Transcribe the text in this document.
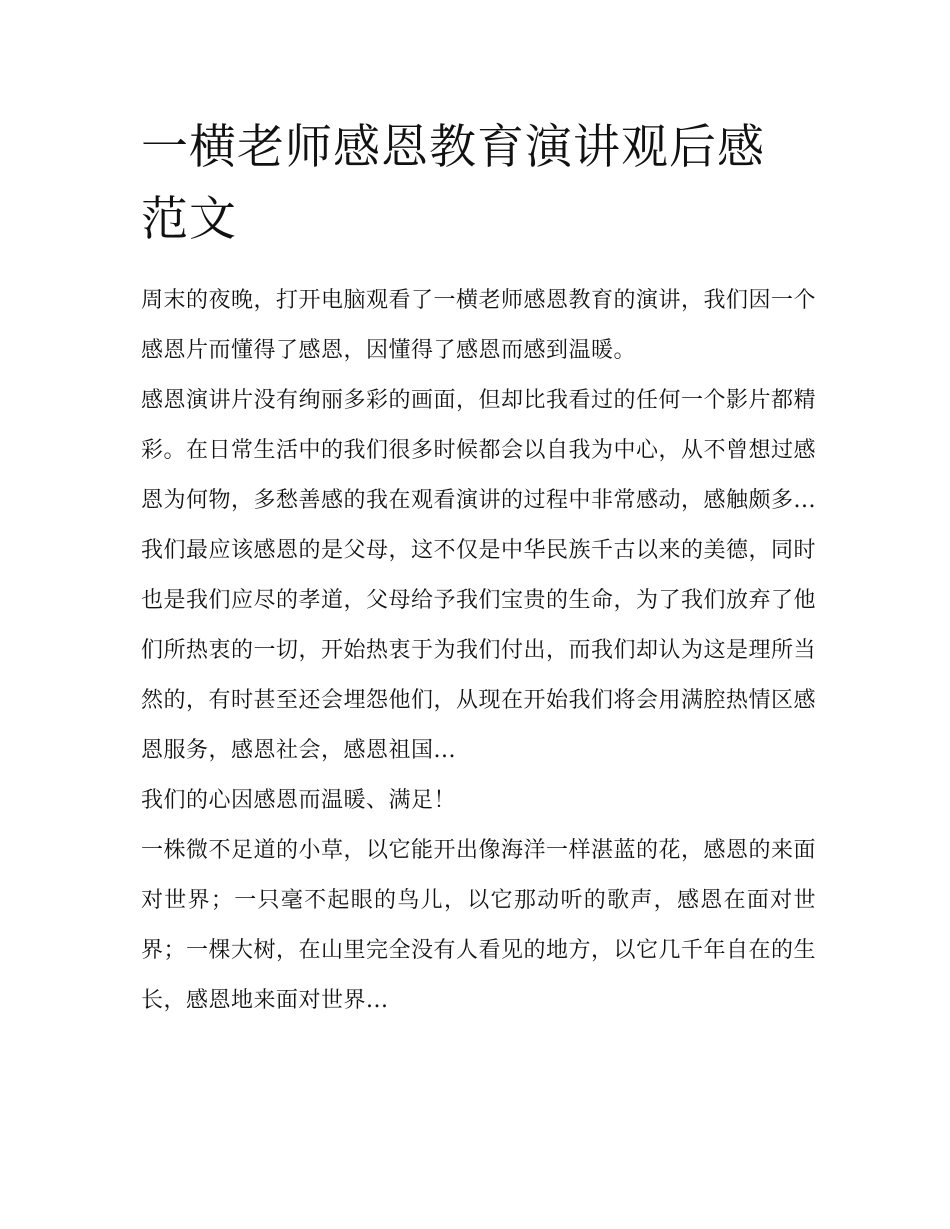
一横老师感恩教育演讲观后感范文

周末的夜晚，打开电脑观看了一横老师感恩教育的演讲，我们因一个感恩片而懂得了感恩，因懂得了感恩而感到温暖。

感恩演讲片没有绚丽多彩的画面，但却比我看过的任何一个影片都精彩。在日常生活中的我们很多时候都会以自我为中心，从不曾想过感恩为何物，多愁善感的我在观看演讲的过程中非常感动，感触颇多...

我们最应该感恩的是父母，这不仅是中华民族千古以来的美德，同时也是我们应尽的孝道，父母给予我们宝贵的生命，为了我们放弃了他们所热衷的一切，开始热衷于为我们付出，而我们却认为这是理所当然的，有时甚至还会埋怨他们，从现在开始我们将会用满腔热情区感恩服务，感恩社会，感恩祖国...

我们的心因感恩而温暖、满足！

一株微不足道的小草，以它能开出像海洋一样湛蓝的花，感恩的来面对世界；一只毫不起眼的鸟儿，以它那动听的歌声，感恩在面对世界；一棵大树，在山里完全没有人看见的地方，以它几千年自在的生长，感恩地来面对世界...
